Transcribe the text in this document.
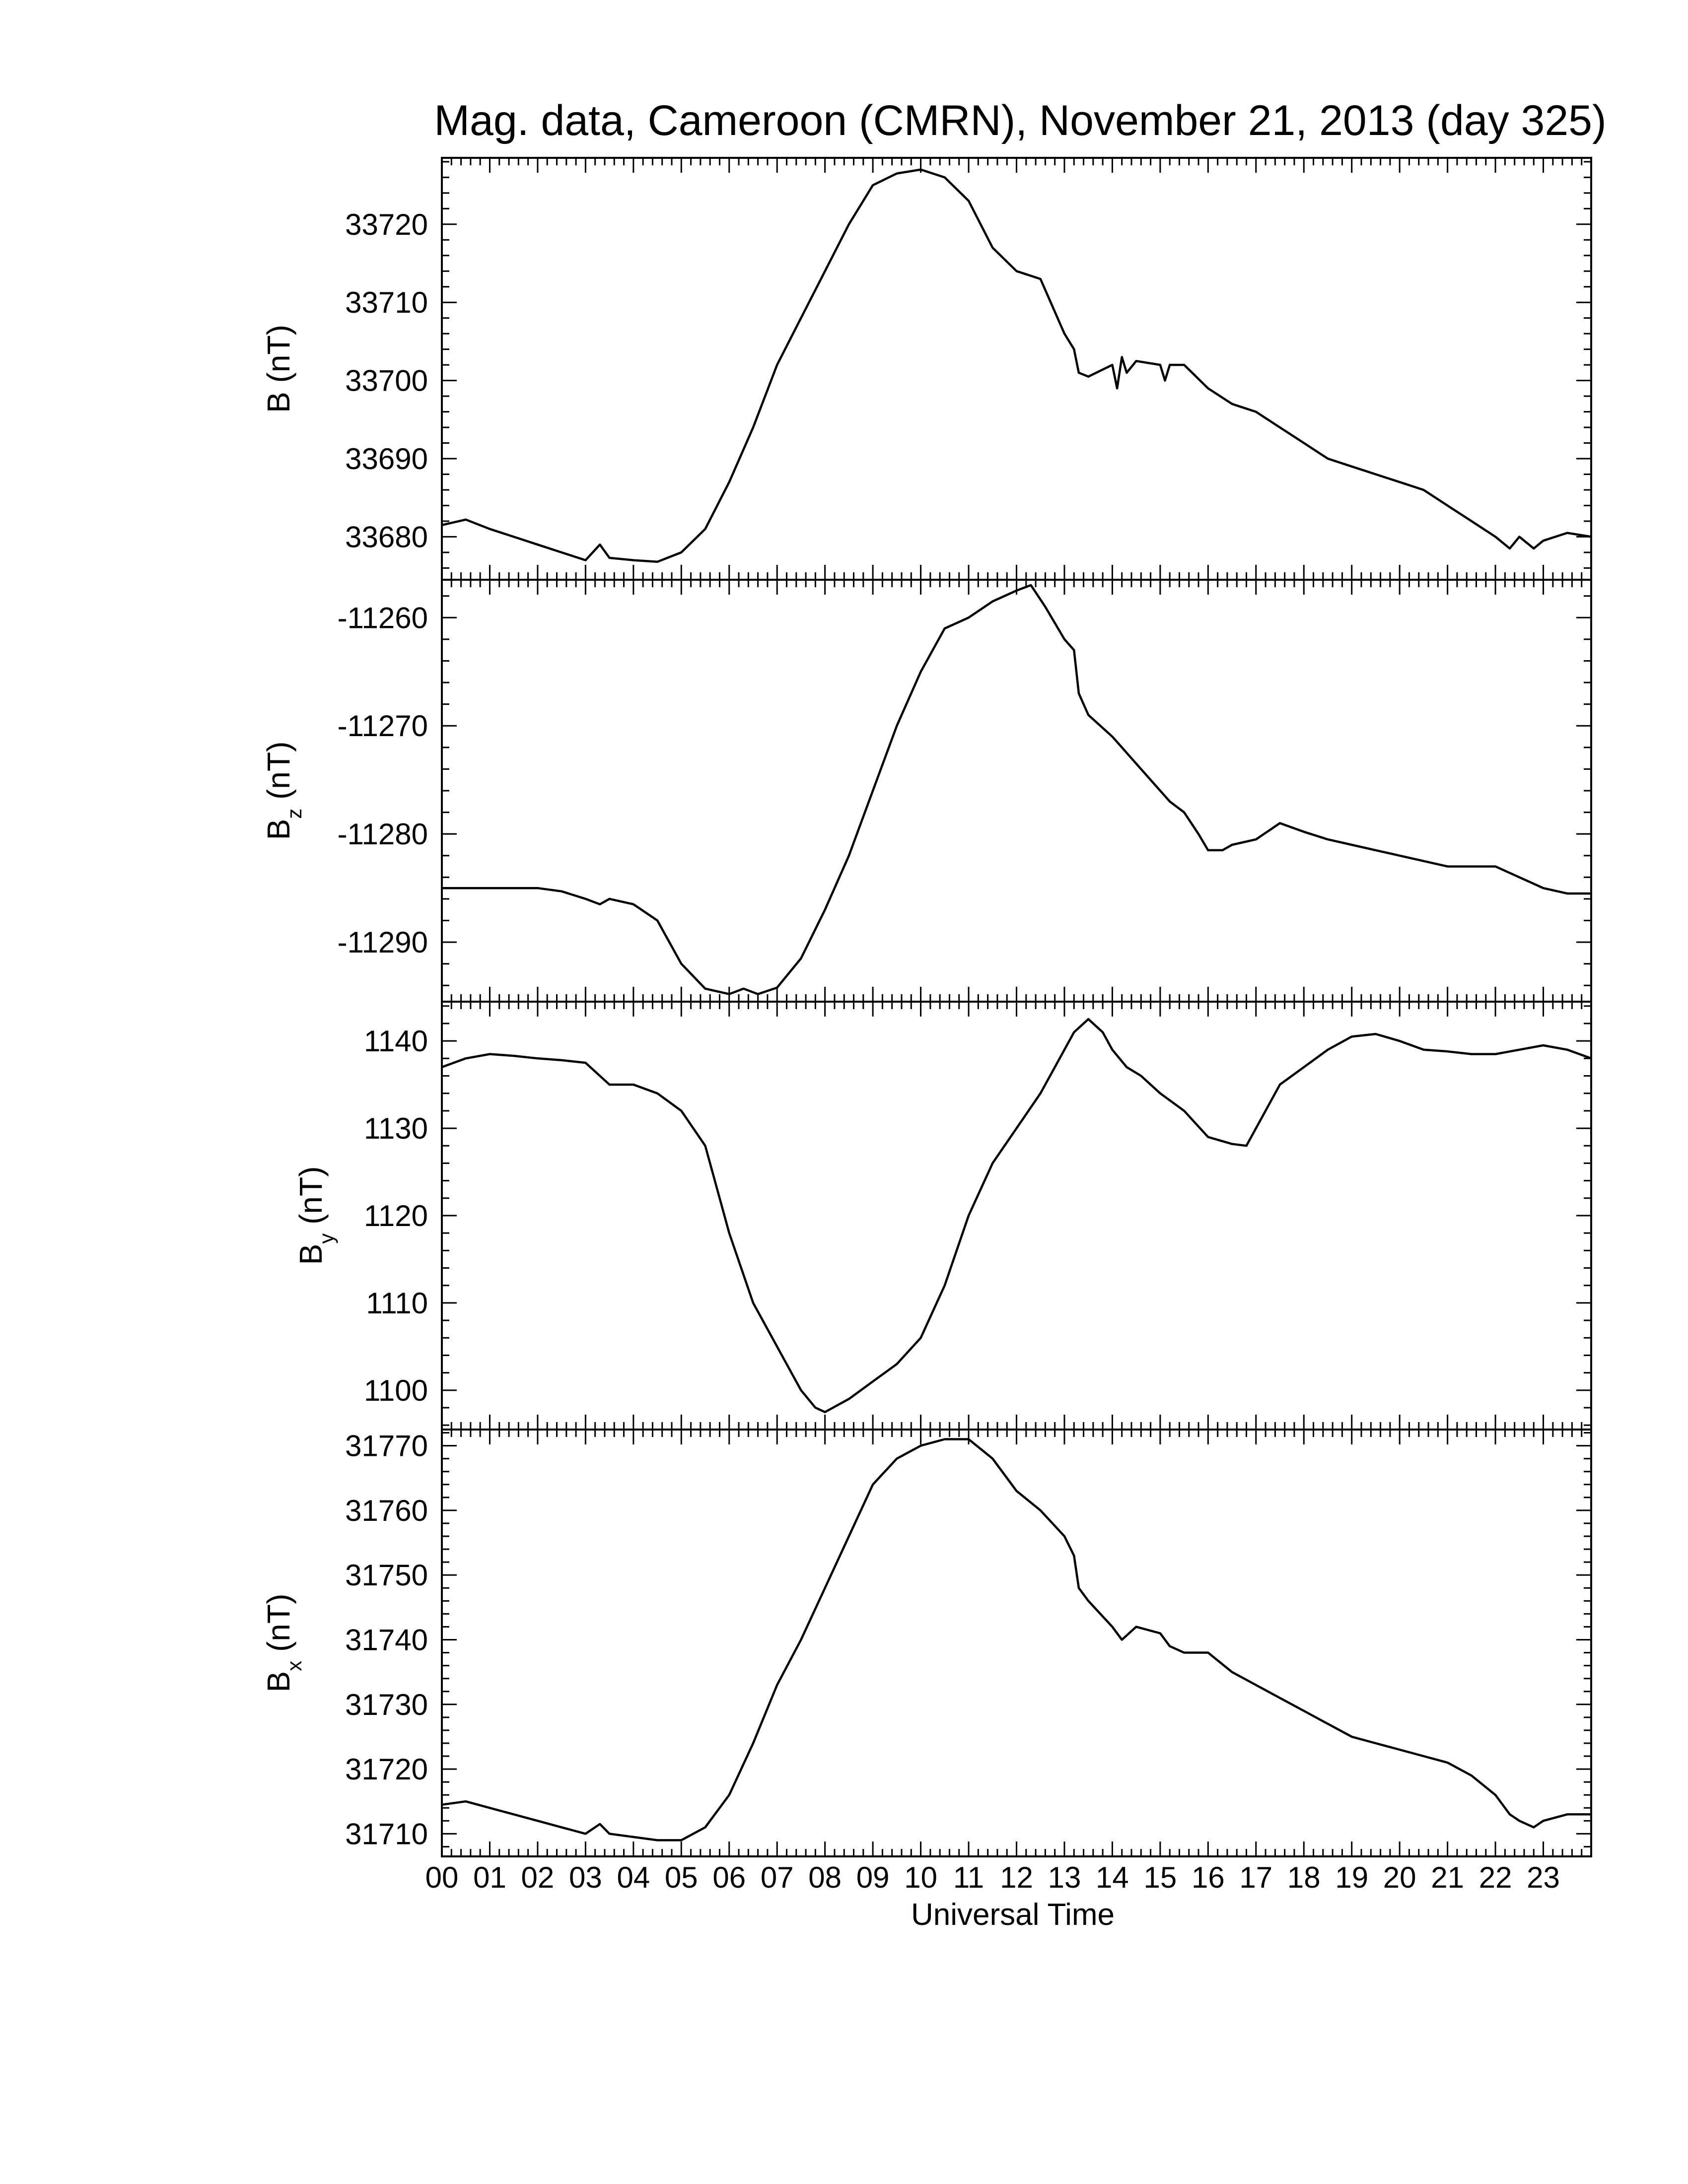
Mag. data, Cameroon (CMRN), November 21, 2013 (day 325)
33680
33690
33700
33710
33720
B (nT)
-11260
-11270
-11280
-11290
$B_z$ (nT)
1100
1110
1120
1130
1140
$B_y$ (nT)
31710
31720
31730
31740
31750
31760
31770
$B_x$ (nT)
00 01 02 03 04 05 06 07 08 09 10 11 12 13 14 15 16 17 18 19 20 21 22 23
Universal Time
